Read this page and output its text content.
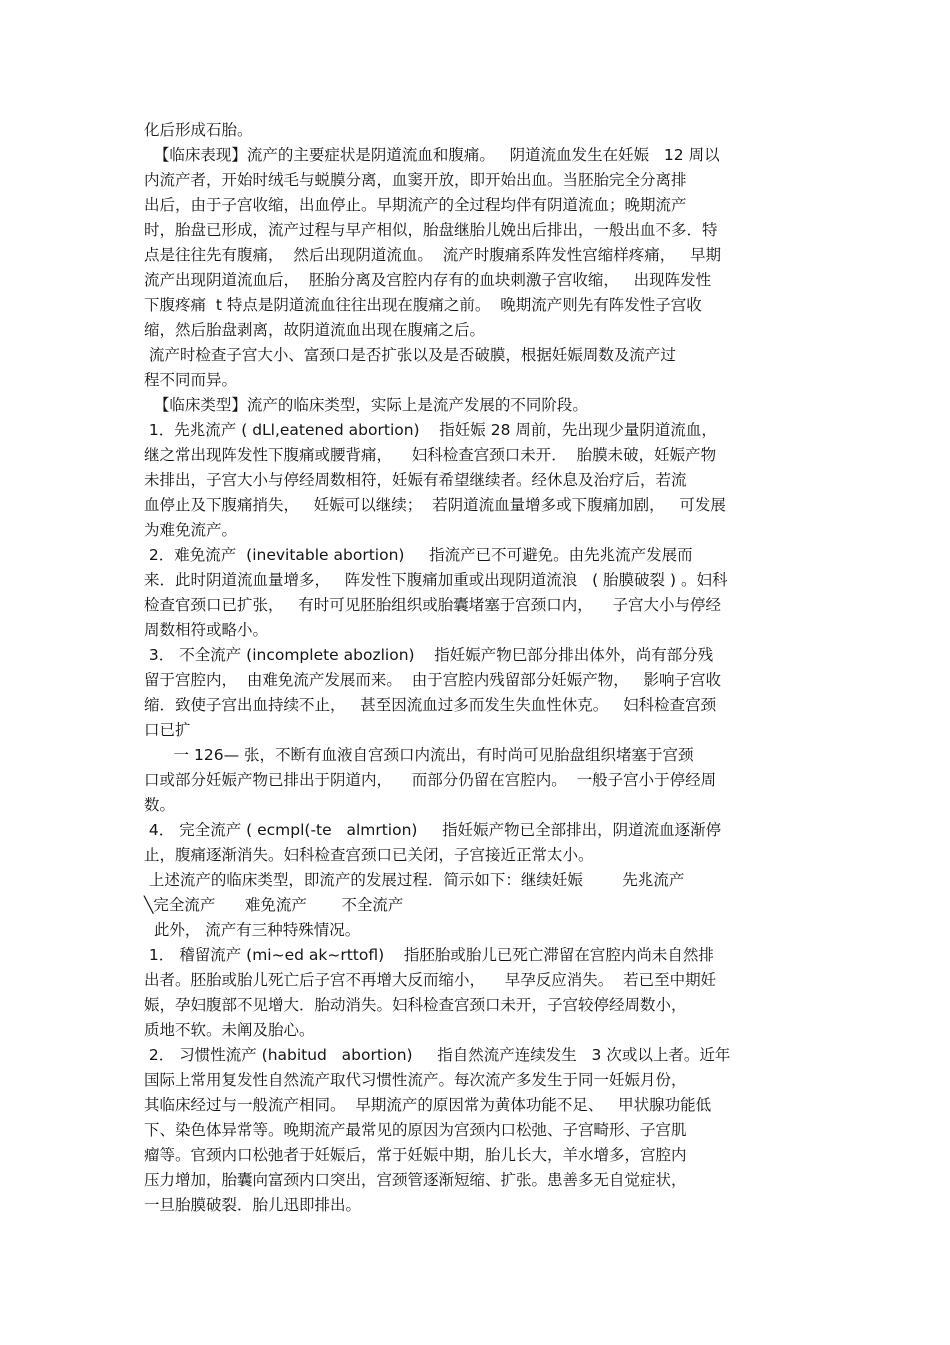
化后形成石胎。
【临床表现】流产的主要症状是阴道流血和腹痛。   阴道流血发生在妊娠   12 周以
内流产者，开始时绒毛与蜕膜分离，血窦开放，即开始出血。当胚胎完全分离排
出后，由于子宫收缩，出血停止。早期流产的全过程均伴有阴道流血；晚期流产
时，胎盘已形成，流产过程与早产相似，胎盘继胎儿娩出后排出，一般出血不多．特
点是往往先有腹痛，  然后出现阴道流血。  流产时腹痛系阵发性宫缩样疼痛，   早期
流产出现阴道流血后，  胚胎分离及宫腔内存有的血块刺激子宫收缩，   出现阵发性
下腹疼痛  t 特点是阴道流血往往出现在腹痛之前。  晚期流产则先有阵发性子宫收
缩，然后胎盘剥离，故阴道流血出现在腹痛之后。
流产时检查子宫大小、富颈口是否扩张以及是否破膜，根据妊娠周数及流产过
程不同而异。
【临床类型】流产的临床类型，实际上是流产发展的不同阶段。
1．先兆流产 ( dLl,eatened abortion)    指妊娠 28 周前，先出现少量阴道流血，
继之常出现阵发性下腹痛或腰背痛，    妇科检查宫颈口未开．  胎膜未破，妊娠产物
未排出，子宫大小与停经周数相符，妊娠有希望继续者。经休息及治疗后，若流
血停止及下腹痛捎失，   妊娠可以继续；  若阴道流血量增多或下腹痛加剧，   可发展
为难免流产。
2．难免流产  (inevitable abortion)     指流产已不可避免。由先兆流产发展而
来．此时阴道流血量增多，   阵发性下腹痛加重或出现阴道流浪   ( 胎膜破裂 ) 。妇科
检查官颈口已扩张，   有时可见胚胎组织或胎囊堵塞于宫颈口内，    子宫大小与停经
周数相符或略小。
3． 不全流产 (incomplete abozlion)    指妊娠产物巳部分排出体外，尚有部分残
留于宫腔内，  由难免流产发展而来。  由于宫腔内残留部分妊娠产物，   影响子宫收
缩．致使子宫出血持续不止，   甚至因流血过多而发生失血性休克。   妇科检查宫颈
口已扩
一 126— 张，不断有血液自宫颈口内流出，有时尚可见胎盘组织堵塞于宫颈
口或部分妊娠产物已排出于阴道内，    而部分仍留在宫腔内。  一般子宫小于停经周
数。
4． 完全流产 ( ecmpl(-te   almrtion)     指妊娠产物已全部排出，阴道流血逐渐停
止，腹痛逐渐消失。妇科检查宫颈口已关闭，子宫接近正常太小。
上述流产的临床类型，即流产的发展过程．简示如下：继续妊娠        先兆流产
╲完全流产      难免流产       不全流产
此外， 流产有三种特殊情况。
1． 稽留流产 (mi~ed ak~rttofl)    指胚胎或胎儿已死亡滞留在宫腔内尚未自然排
出者。胚胎或胎儿死亡后子宫不再增大反而缩小，    早孕反应消失。  若已至中期妊
娠，孕妇腹部不见增大．胎动消失。妇科检查宫颈口未开，子宫较停经周数小，
质地不软。未阐及胎心。
2． 习惯性流产 (habitud   abortion)     指自然流产连续发生   3 次或以上者。近年
国际上常用复发性自然流产取代习惯性流产。每次流产多发生于同一妊娠月份，
其临床经过与一般流产相同。  早期流产的原因常为黄体功能不足、   甲状腺功能低
下、染色体异常等。晚期流产最常见的原因为宫颈内口松弛、子宫畸形、子宫肌
瘤等。官颈内口松弛者于妊娠后，常于妊娠中期，胎儿长大，羊水增多，宫腔内
压力增加，胎囊向富颈内口突出，宫颈管逐渐短缩、扩张。患善多无自觉症状，
一旦胎膜破裂．胎儿迅即排出。
